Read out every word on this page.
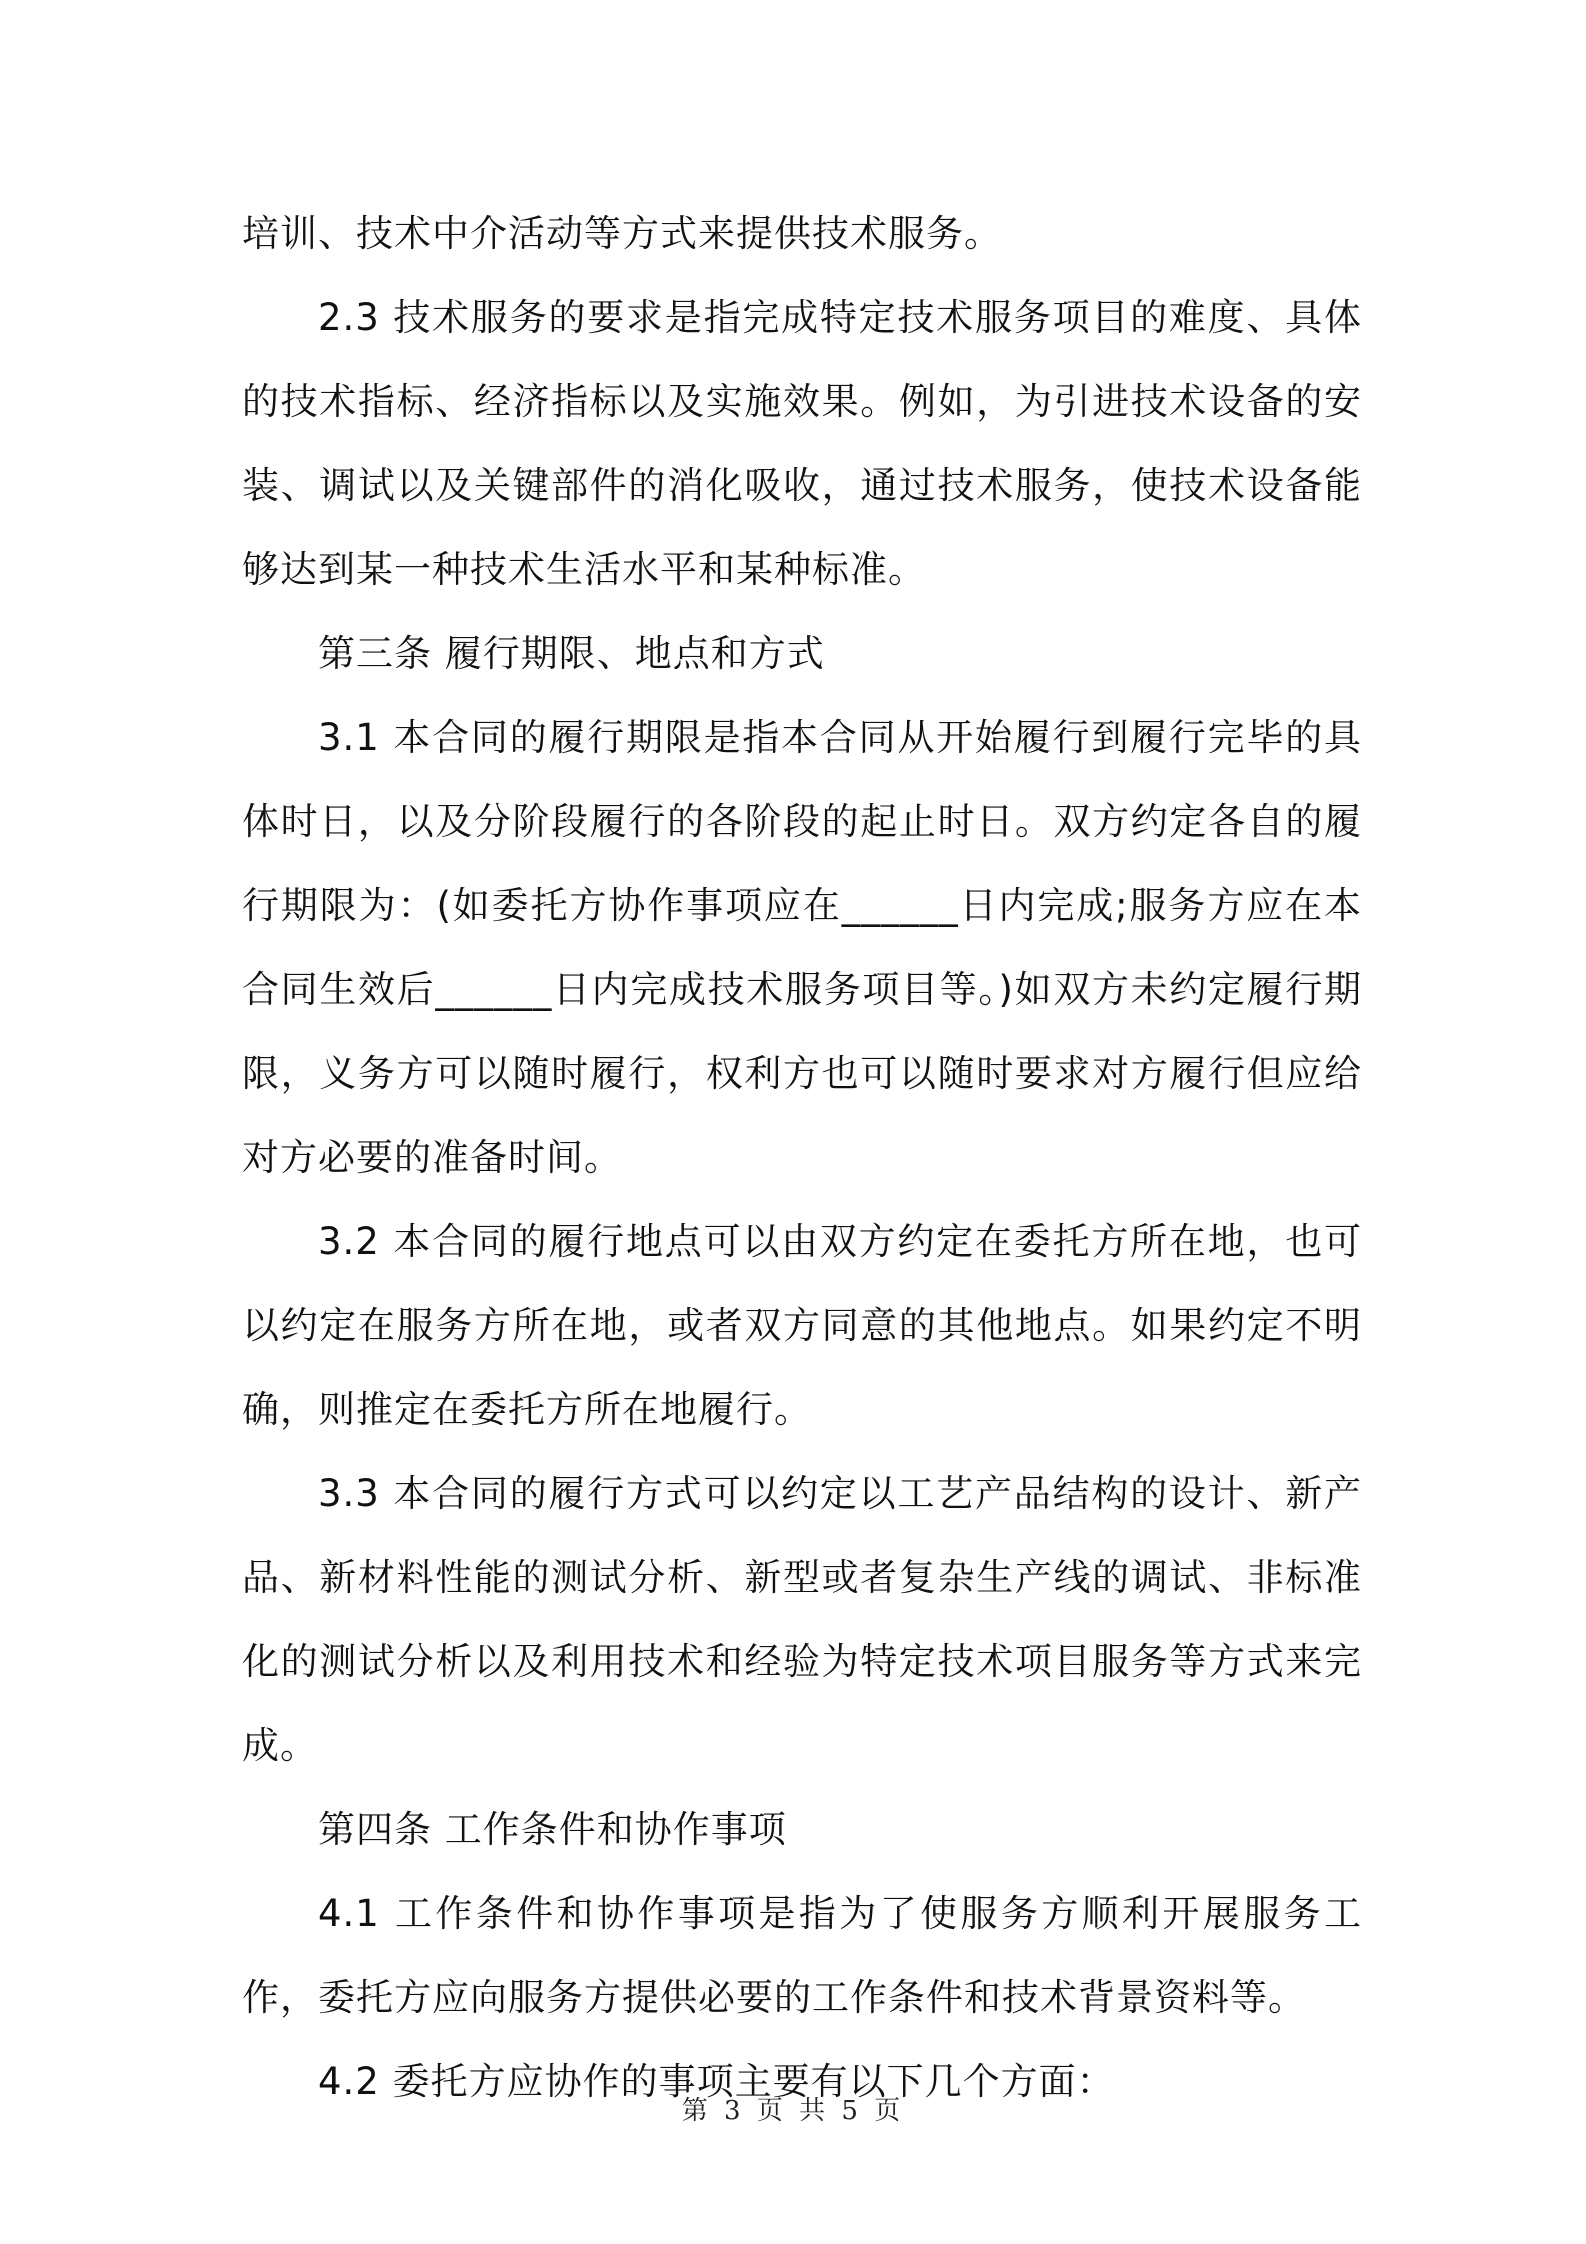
培训、技术中介活动等方式来提供技术服务。

2.3 技术服务的要求是指完成特定技术服务项目的难度、具体的技术指标、经济指标以及实施效果。例如，为引进技术设备的安装、调试以及关键部件的消化吸收，通过技术服务，使技术设备能够达到某一种技术生活水平和某种标准。

第三条 履行期限、地点和方式

3.1 本合同的履行期限是指本合同从开始履行到履行完毕的具体时日，以及分阶段履行的各阶段的起止时日。双方约定各自的履行期限为：(如委托方协作事项应在______日内完成;服务方应在本合同生效后______日内完成技术服务项目等。)如双方未约定履行期限，义务方可以随时履行，权利方也可以随时要求对方履行但应给对方必要的准备时间。

3.2 本合同的履行地点可以由双方约定在委托方所在地，也可以约定在服务方所在地，或者双方同意的其他地点。如果约定不明确，则推定在委托方所在地履行。

3.3 本合同的履行方式可以约定以工艺产品结构的设计、新产品、新材料性能的测试分析、新型或者复杂生产线的调试、非标准化的测试分析以及利用技术和经验为特定技术项目服务等方式来完成。

第四条 工作条件和协作事项

4.1 工作条件和协作事项是指为了使服务方顺利开展服务工作，委托方应向服务方提供必要的工作条件和技术背景资料等。

4.2 委托方应协作的事项主要有以下几个方面：

第 3 页 共 5 页
